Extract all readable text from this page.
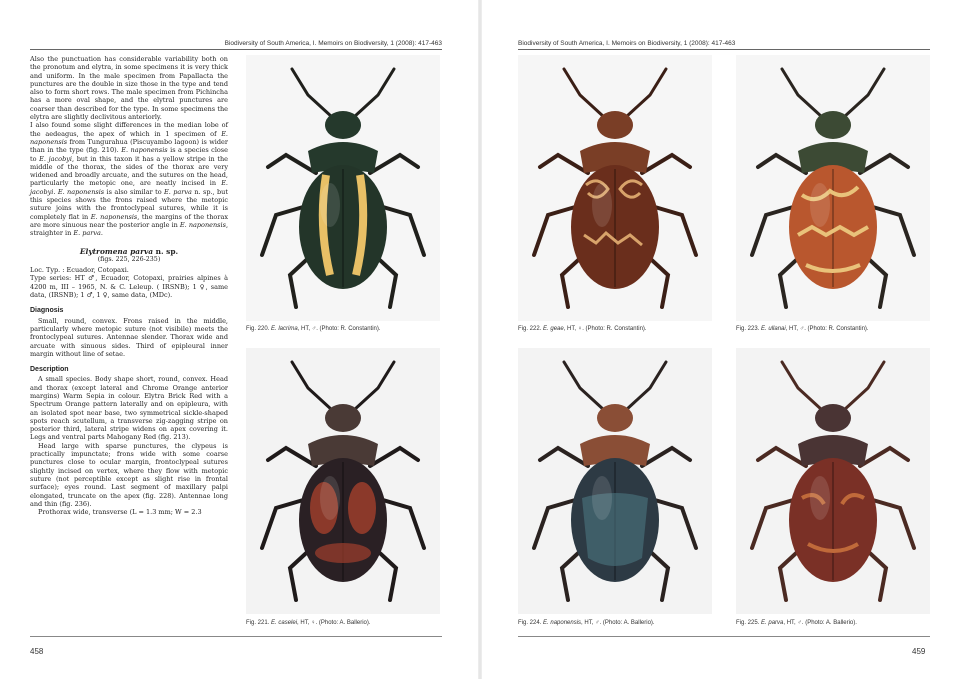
Biodiversity of South America, I. Memoirs on Biodiversity, 1 (2008): 417-463	Biodiversity of South America, I. Memoirs on Biodiversity, 1 (2008): 417-463

Also the punctuation has considerable variability both on the pronotum and elytra, in some specimens it is very thick and uniform. In the male specimen from Papallacta the punctures are the double in size those in the type and tend also to form short rows. The male specimen from Pichincha has a more oval shape, and the elytral punctures are coarser than described for the type. In some specimens the elytra are slightly declivitous anteriorly.

I also found some slight differences in the median lobe of the aedeagus, the apex of which in 1 specimen of E. naponensis from Tungurahua (Piscuyambo lagoon) is wider than in the type (fig. 210). E. naponensis is a species close to E. jacobyi, but in this taxon it has a yellow stripe in the middle of the thorax, the sides of the thorax are very widened and broadly arcuate, and the sutures on the head, particularly the metopic one, are neatly incised in E. jacobyi. E. naponensis is also similar to E. parva n. sp., but this species shows the frons raised where the metopic suture joins with the frontoclypeal sutures, while it is completely flat in E. naponensis, the margins of the thorax are more sinuous near the posterior angle in E. naponensis, straighter in E. parva.

Elytromena parva n. sp.
(figs. 225, 226-235)

Loc. Typ. : Ecuador, Cotopaxi.

Type series: HT ♂, Ecuador, Cotopaxi, prairies alpines à 4200 m, III – 1965, N. & C. Leleup. ( IRSNB); 1 ♀, same data, (IRSNB); 1 ♂, 1 ♀, same data, (MDc).

Diagnosis

Small, round, convex. Frons raised in the middle, particularly where metopic suture (not visibile) meets the frontoclypeal sutures. Antennae slender. Thorax wide and arcuate with sinuous sides. Third of epipleural inner margin without line of setae.

Description

A small species. Body shape short, round, convex. Head and thorax (except lateral and Chrome Orange anterior margins) Warm Sepia in colour. Elytra Brick Red with a Spectrum Orange pattern laterally and on epipleura, with an isolated spot near base, two symmetrical sickle-shaped spots reach scutellum, a transverse zig-zagging stripe on posterior third, lateral stripe widens on apex covering it. Legs and ventral parts Mahogany Red (fig. 213).

Head large with sparse punctures, the clypeus is practically impunctate; frons wide with some coarse punctures close to ocular margin, frontoclypeal sutures slightly incised on vertex, where they flow with metopic suture (not perceptible except as slight rise in frontal surface); eyes round. Last segment of maxillary palpi elongated, truncate on the apex (fig. 228). Antennae long and thin (fig. 236).

Prothorax wide, transverse (L = 1.3 mm; W = 2.3

Fig. 220. E. lacrima, HT, ♂. (Photo: R. Constantin).
Fig. 221. E. caselei, HT, ♀. (Photo: A. Ballerio).
Fig. 222. E. geae, HT, ♀. (Photo: R. Constantin).	Fig. 223. E. ullanai, HT, ♂. (Photo: R. Constantin).
Fig. 224. E. naponensis, HT, ♂. (Photo: A. Ballerio).	Fig. 225. E. parva, HT, ♂. (Photo: A. Ballerio).
458	459
